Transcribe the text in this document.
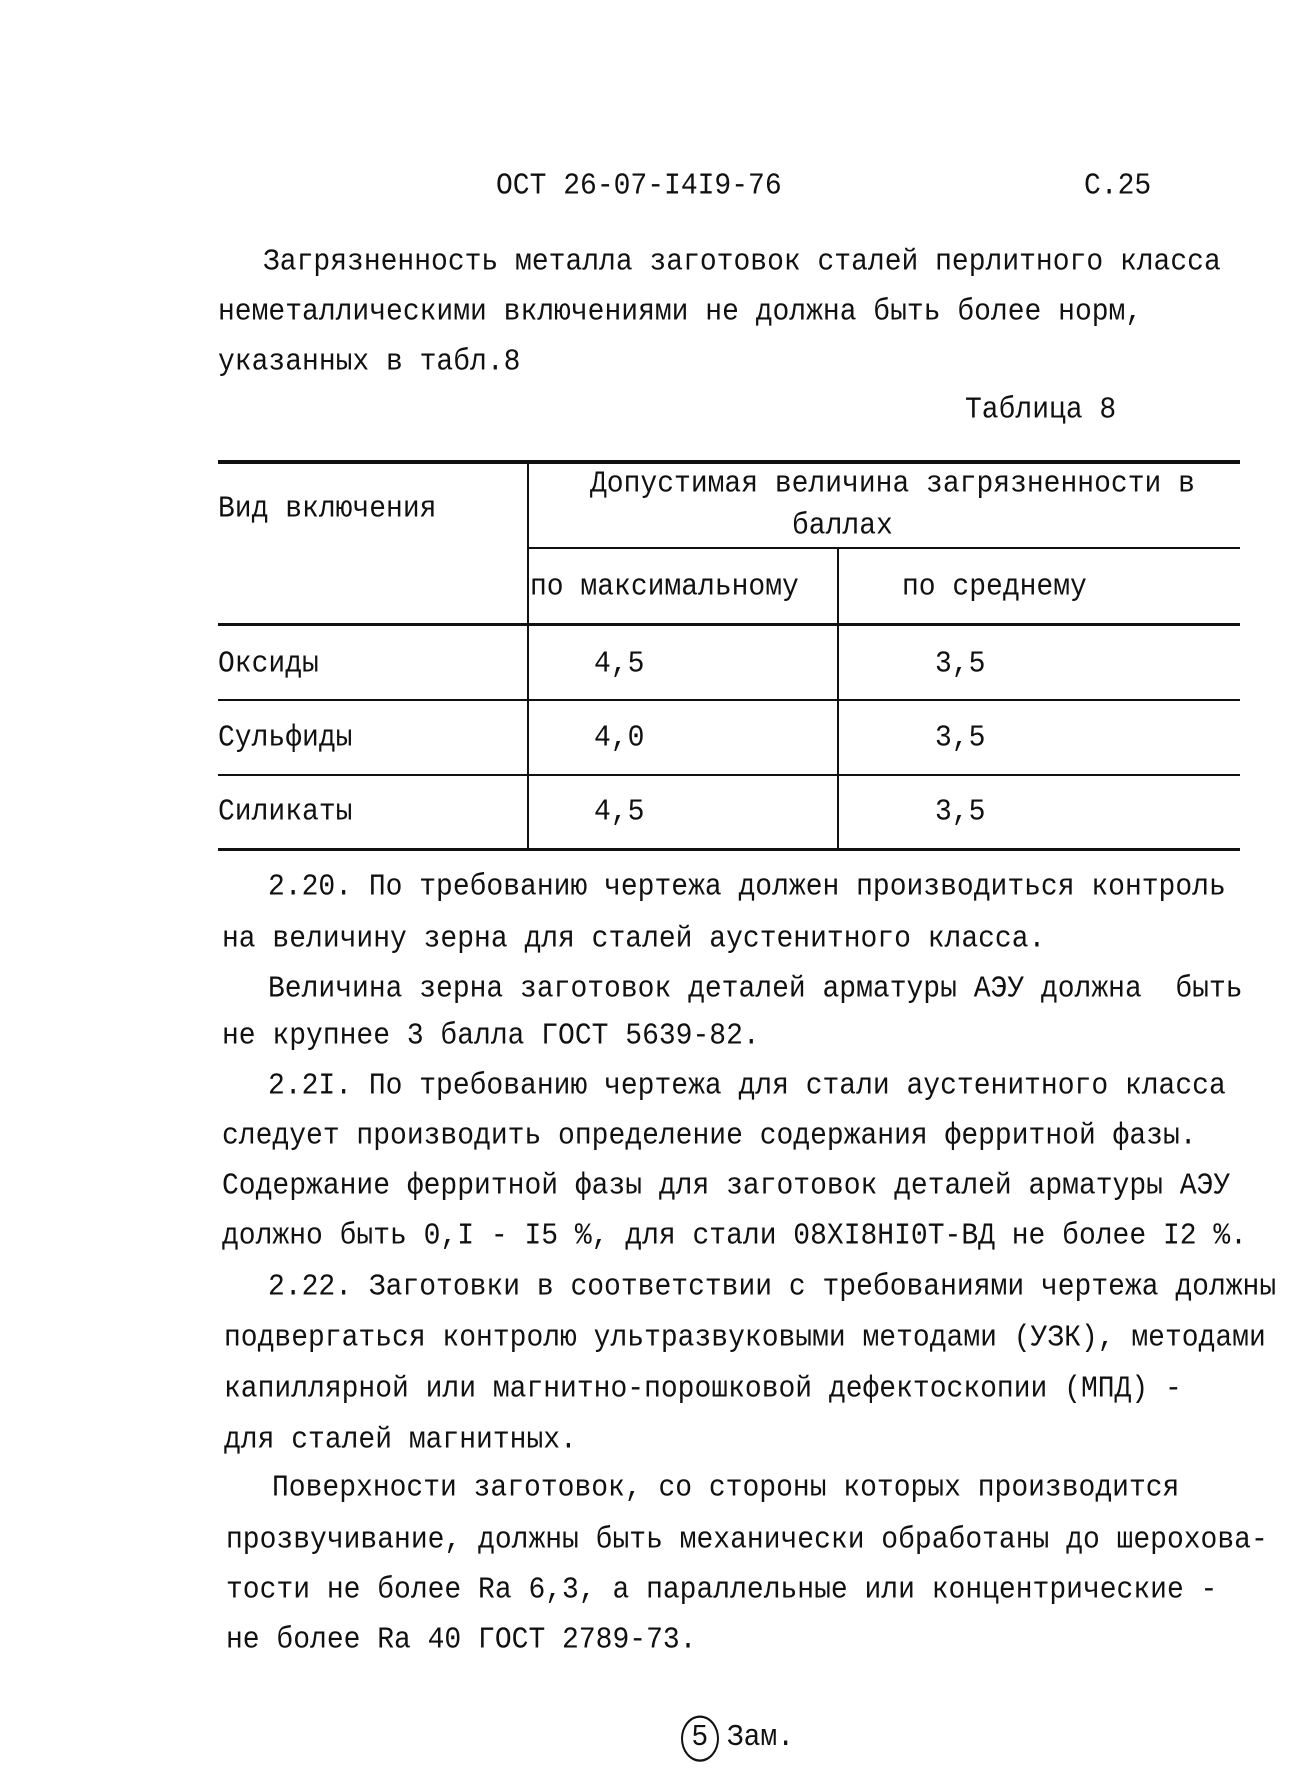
ОСТ 26-07-I4I9-76	С.25
Загрязненность металла заготовок сталей перлитного класса
неметаллическими включениями не должна быть более норм,
указанных в табл.8
Таблица 8
Вид включения
Допустимая величина загрязненности в
баллах
по максимальному	по среднему
Оксиды	4,5	3,5
Сульфиды	4,0	3,5
Силикаты	4,5	3,5
2.20. По требованию чертежа должен производиться контроль
на величину зерна для сталей аустенитного класса.
Величина зерна заготовок деталей арматуры АЭУ должна  быть
не крупнее 3 балла ГОСТ 5639-82.
2.2I. По требованию чертежа для стали аустенитного класса
следует производить определение содержания ферритной фазы.
Содержание ферритной фазы для заготовок деталей арматуры АЭУ
должно быть 0,I - I5 %, для стали 08XI8HI0T-ВД не более I2 %.
2.22. Заготовки в соответствии с требованиями чертежа должны
подвергаться контролю ультразвуковыми методами (УЗК), методами
капиллярной или магнитно-порошковой дефектоскопии (МПД) -
для сталей магнитных.
Поверхности заготовок, со стороны которых производится
прозвучивание, должны быть механически обработаны до шерохова-
тости не более Ra 6,3, а параллельные или концентрические -
не более Ra 40 ГОСТ 2789-73.

5 Зам.
